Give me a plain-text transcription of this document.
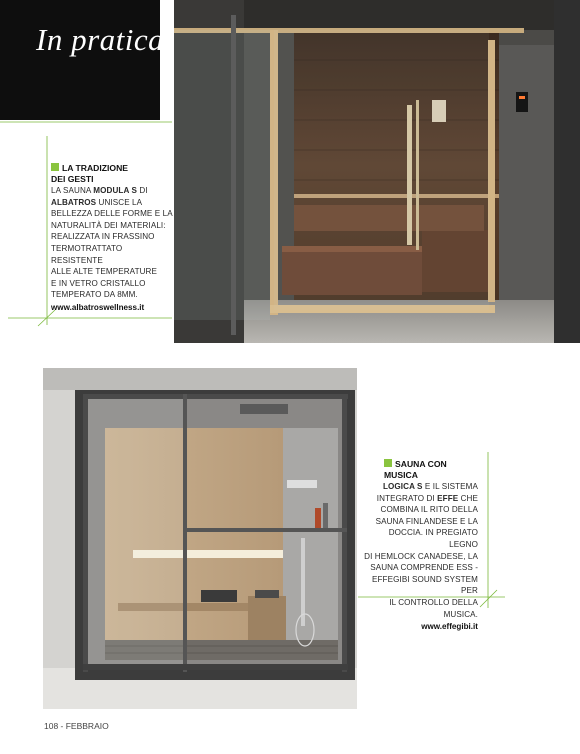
In pratica
LA TRADIZIONE
DEI GESTI
LA SAUNA MODULA S DI
ALBATROS UNISCE LA
BELLEZZA DELLE FORME E LA
NATURALITÀ DEI MATERIALI:
REALIZZATA IN FRASSINO
TERMOTRATTATO RESISTENTE
ALLE ALTE TEMPERATURE
E IN VETRO CRISTALLO
TEMPERATO DA 8MM.
www.albatroswellness.it
SAUNA CON MUSICA
LOGICA S E IL SISTEMA
INTEGRATO DI EFFE CHE
COMBINA IL RITO DELLA
SAUNA FINLANDESE E LA
DOCCIA. IN PREGIATO LEGNO
DI HEMLOCK CANADESE, LA
SAUNA COMPRENDE ESS -
EFFEGIBI SOUND SYSTEM PER
IL CONTROLLO DELLA MUSICA.
www.effegibi.it
108 - FEBBRAIO
